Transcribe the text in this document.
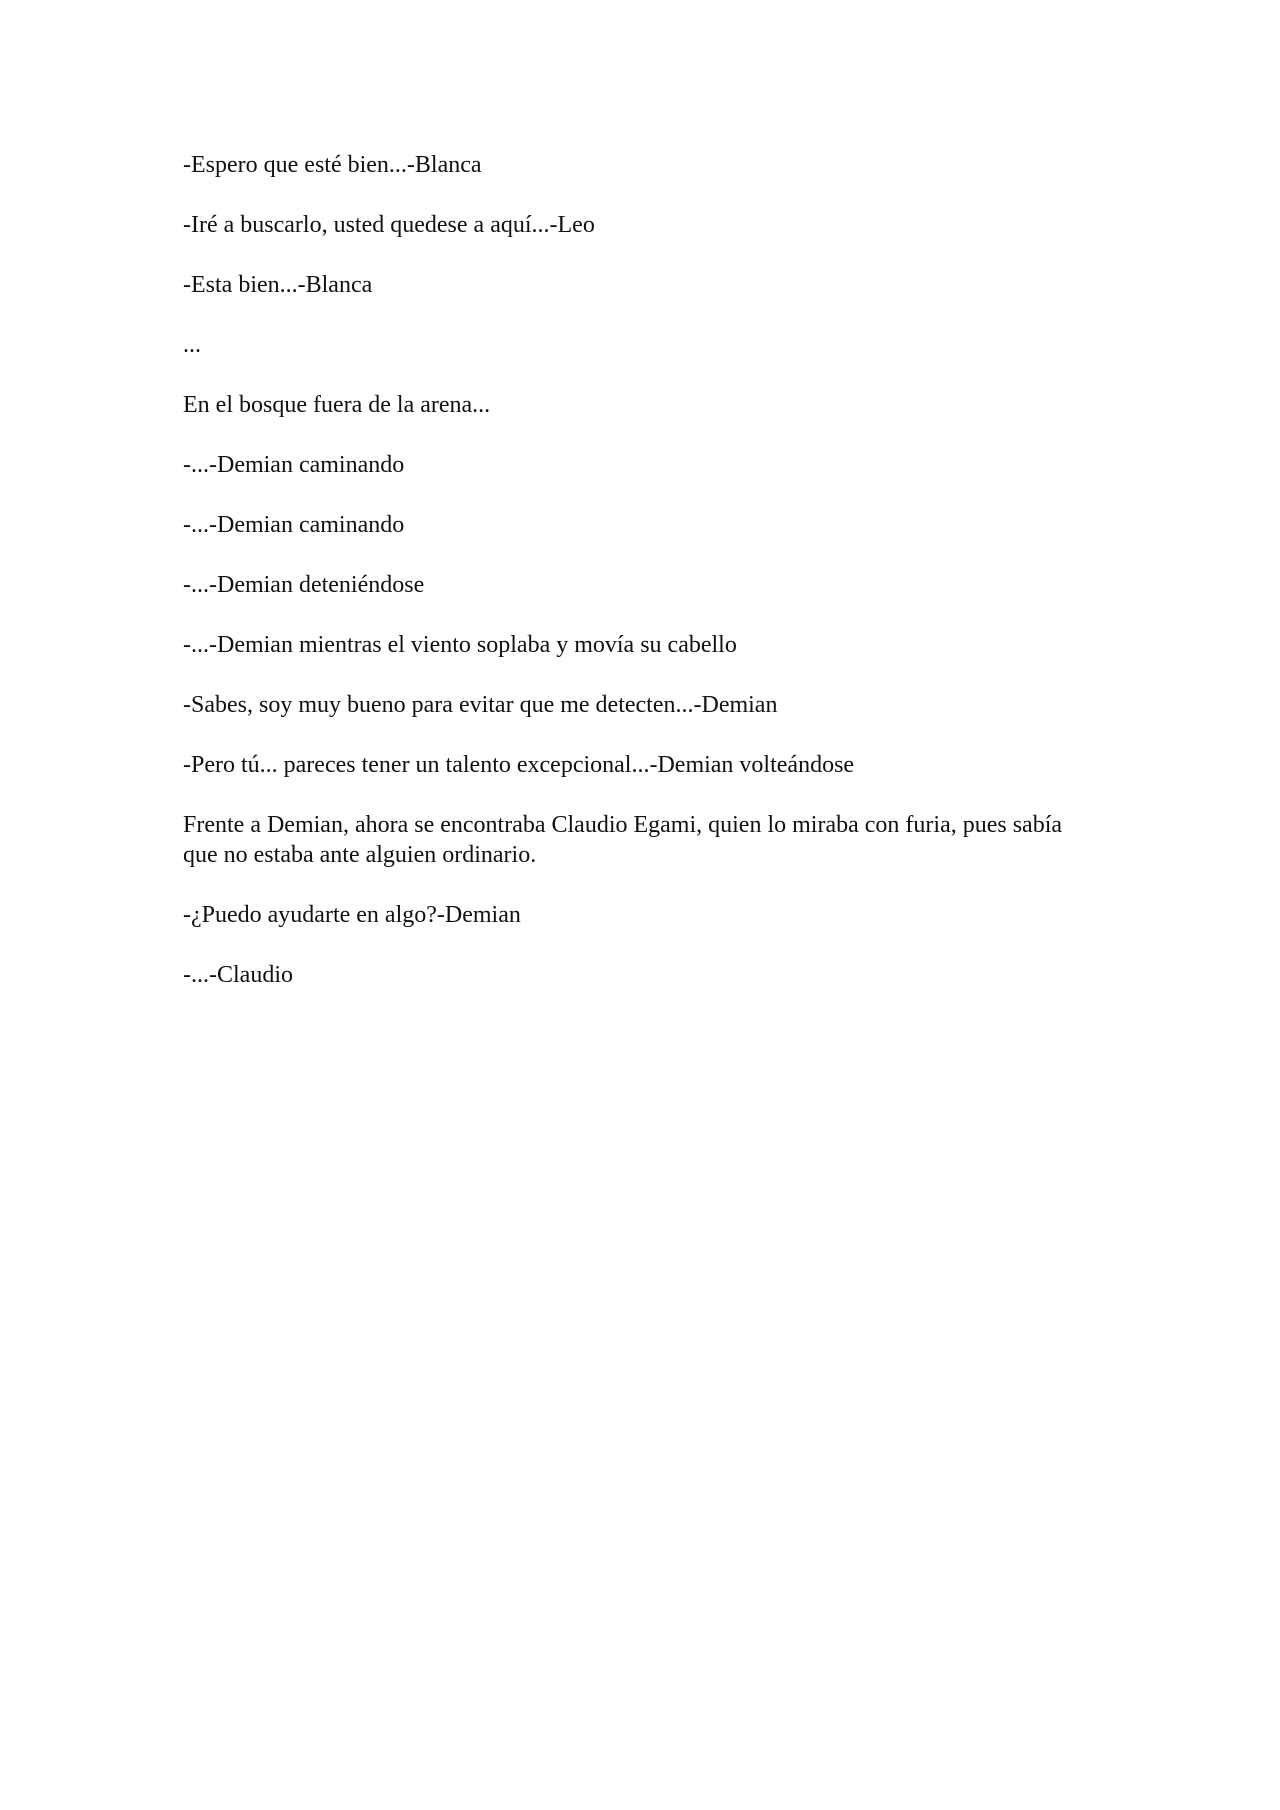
-Espero que esté bien...-Blanca

-Iré a buscarlo, usted quedese a aquí...-Leo

-Esta bien...-Blanca

...

En el bosque fuera de la arena...

-...-Demian caminando

-...-Demian caminando

-...-Demian deteniéndose

-...-Demian mientras el viento soplaba y movía su cabello

-Sabes, soy muy bueno para evitar que me detecten...-Demian

-Pero tú... pareces tener un talento excepcional...-Demian volteándose

Frente a Demian, ahora se encontraba Claudio Egami, quien lo miraba con furia, pues sabía que no estaba ante alguien ordinario.

-¿Puedo ayudarte en algo?-Demian

-...-Claudio
